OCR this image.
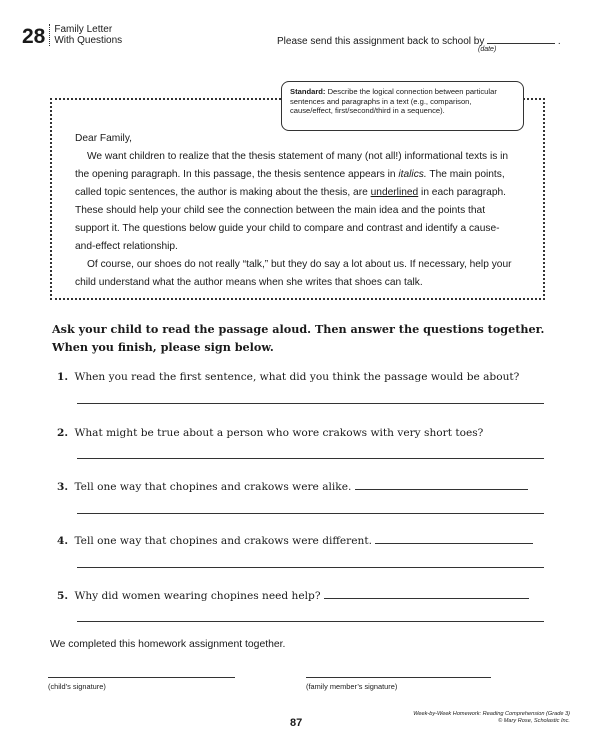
28 Family Letter
With Questions	Please send this assignment back to school by	.
(date)
Standard: Describe the logical connection between particular sentences and paragraphs in a text (e.g., comparison, cause/effect, first/second/third in a sequence).

Dear Family,

We want children to realize that the thesis statement of many (not all!) informational texts is in the opening paragraph. In this passage, the thesis sentence appears in italics. The main points, called topic sentences, the author is making about the thesis, are underlined in each paragraph. These should help your child see the connection between the main idea and the points that support it. The questions below guide your child to compare and contrast and identify a cause-and-effect relationship.

Of course, our shoes do not really “talk,” but they do say a lot about us. If necessary, help your child understand what the author means when she writes that shoes can talk.

Ask your child to read the passage aloud. Then answer the questions together.
When you finish, please sign below.
1. When you read the first sentence, what did you think the passage would be about?
2. What might be true about a person who wore crakows with very short toes?
3. Tell one way that chopines and crakows were alike.
4. Tell one way that chopines and crakows were different.
5. Why did women wearing chopines need help?
We completed this homework assignment together.
(child’s signature)	(family member’s signature)
87
Week-by-Week Homework: Reading Comprehension (Grade 3)
© Mary Rose, Scholastic Inc.
